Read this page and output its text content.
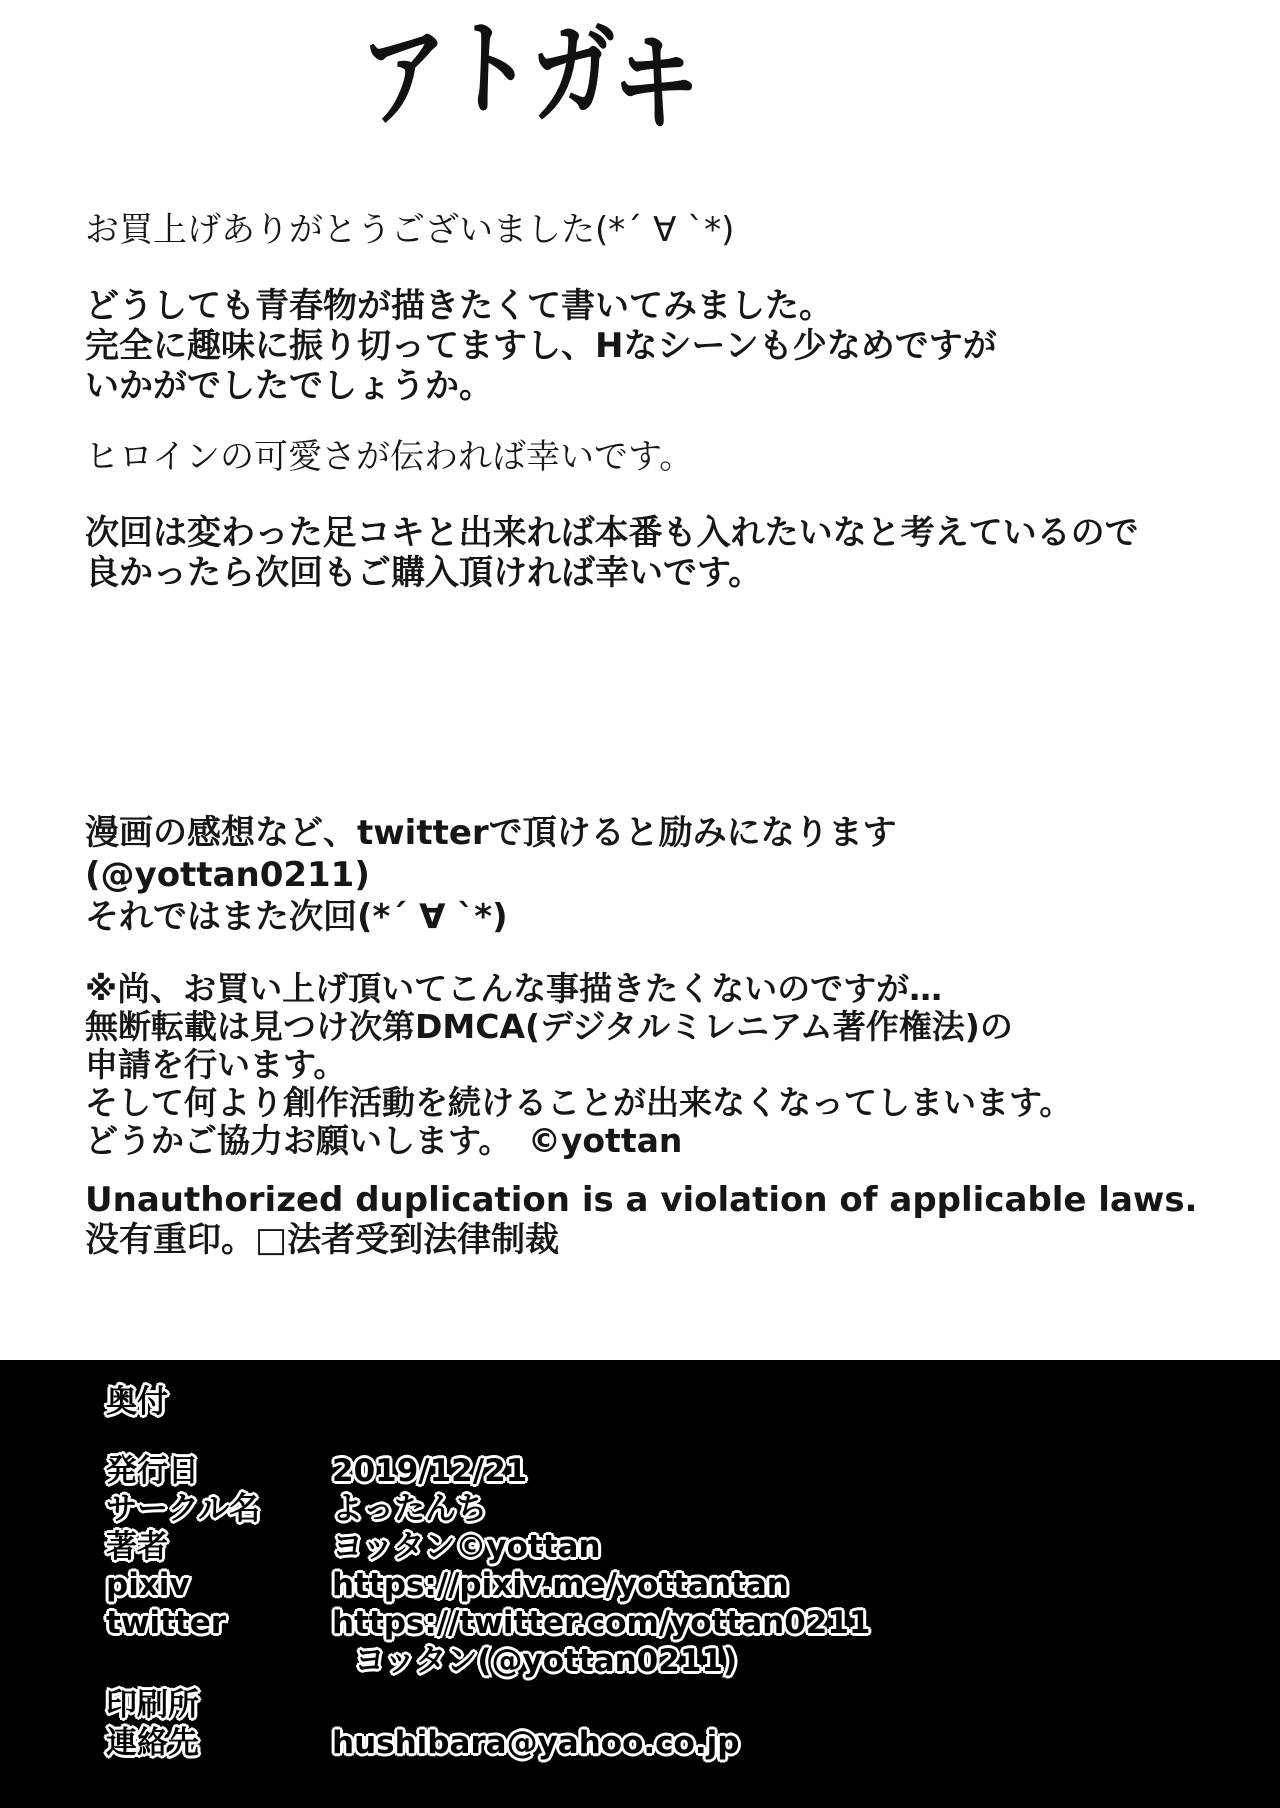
アトガキ
お買上げありがとうございました(*´ ∀ `*)
どうしても青春物が描きたくて書いてみました。
完全に趣味に振り切ってますし、Hなシーンも少なめですが
いかがでしたでしょうか。
ヒロインの可愛さが伝われば幸いです。
次回は変わった足コキと出来れば本番も入れたいなと考えているので
良かったら次回もご購入頂ければ幸いです。
漫画の感想など、twitterで頂けると励みになります
(@yottan0211)
それではまた次回(*´ ∀ `*)
※尚、お買い上げ頂いてこんな事描きたくないのですが…
無断転載は見つけ次第DMCA(デジタルミレニアム著作権法)の
申請を行います。
そして何より創作活動を続けることが出来なくなってしまいます。
どうかご協力お願いします。　©yottan
Unauthorized duplication is a violation of applicable laws.
没有重印。□法者受到法律制裁
奥付
発行日	2019/12/21
サークル名	よったんち
著者	ヨッタン©yottan
pixiv	https://pixiv.me/yottantan
twitter	https://twitter.com/yottan0211
ヨッタン(@yottan0211)
印刷所
連絡先	hushibara@yahoo.co.jp
